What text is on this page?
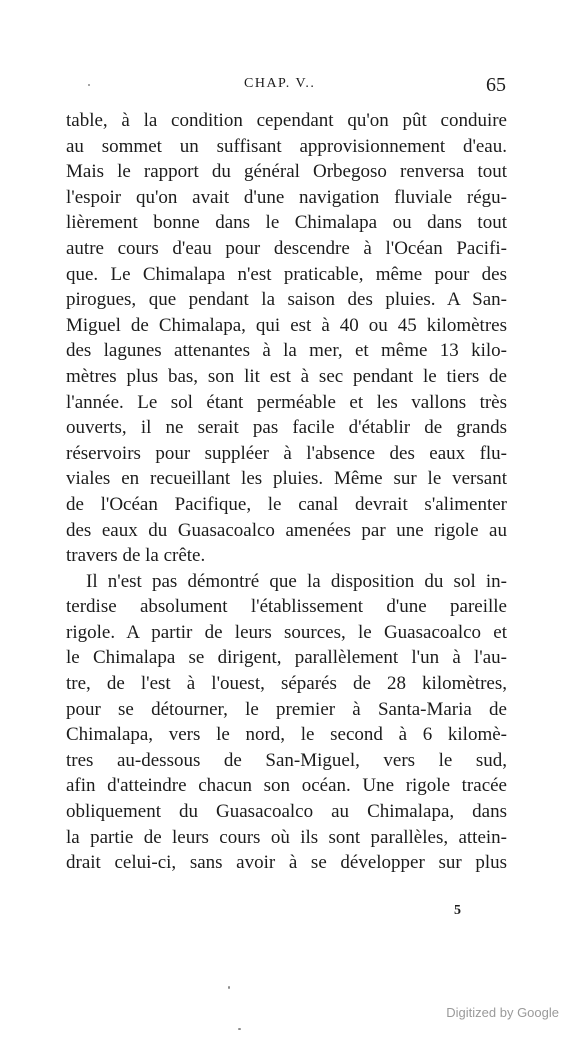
CHAP. V..	65
table, à la condition cependant qu'on pût conduire
au sommet un suffisant approvisionnement d'eau.
Mais le rapport du général Orbegoso renversa tout
l'espoir qu'on avait d'une navigation fluviale régu-
lièrement bonne dans le Chimalapa ou dans tout
autre cours d'eau pour descendre à l'Océan Pacifi-
que. Le Chimalapa n'est praticable, même pour des
pirogues, que pendant la saison des pluies. A San-
Miguel de Chimalapa, qui est à 40 ou 45 kilomètres
des lagunes attenantes à la mer, et même 13 kilo-
mètres plus bas, son lit est à sec pendant le tiers de
l'année. Le sol étant perméable et les vallons très
ouverts, il ne serait pas facile d'établir de grands
réservoirs pour suppléer à l'absence des eaux flu-
viales en recueillant les pluies. Même sur le versant
de l'Océan Pacifique, le canal devrait s'alimenter
des eaux du Guasacoalco amenées par une rigole au
travers de la crête.
Il n'est pas démontré que la disposition du sol in-
terdise absolument l'établissement d'une pareille
rigole. A partir de leurs sources, le Guasacoalco et
le Chimalapa se dirigent, parallèlement l'un à l'au-
tre, de l'est à l'ouest, séparés de 28 kilomètres,
pour se détourner, le premier à Santa-Maria de
Chimalapa, vers le nord, le second à 6 kilomè-
tres au-dessous de San-Miguel, vers le sud,
afin d'atteindre chacun son océan. Une rigole tracée
obliquement du Guasacoalco au Chimalapa, dans
la partie de leurs cours où ils sont parallèles, attein-
drait celui-ci, sans avoir à se développer sur plus
5
Digitized by Google
